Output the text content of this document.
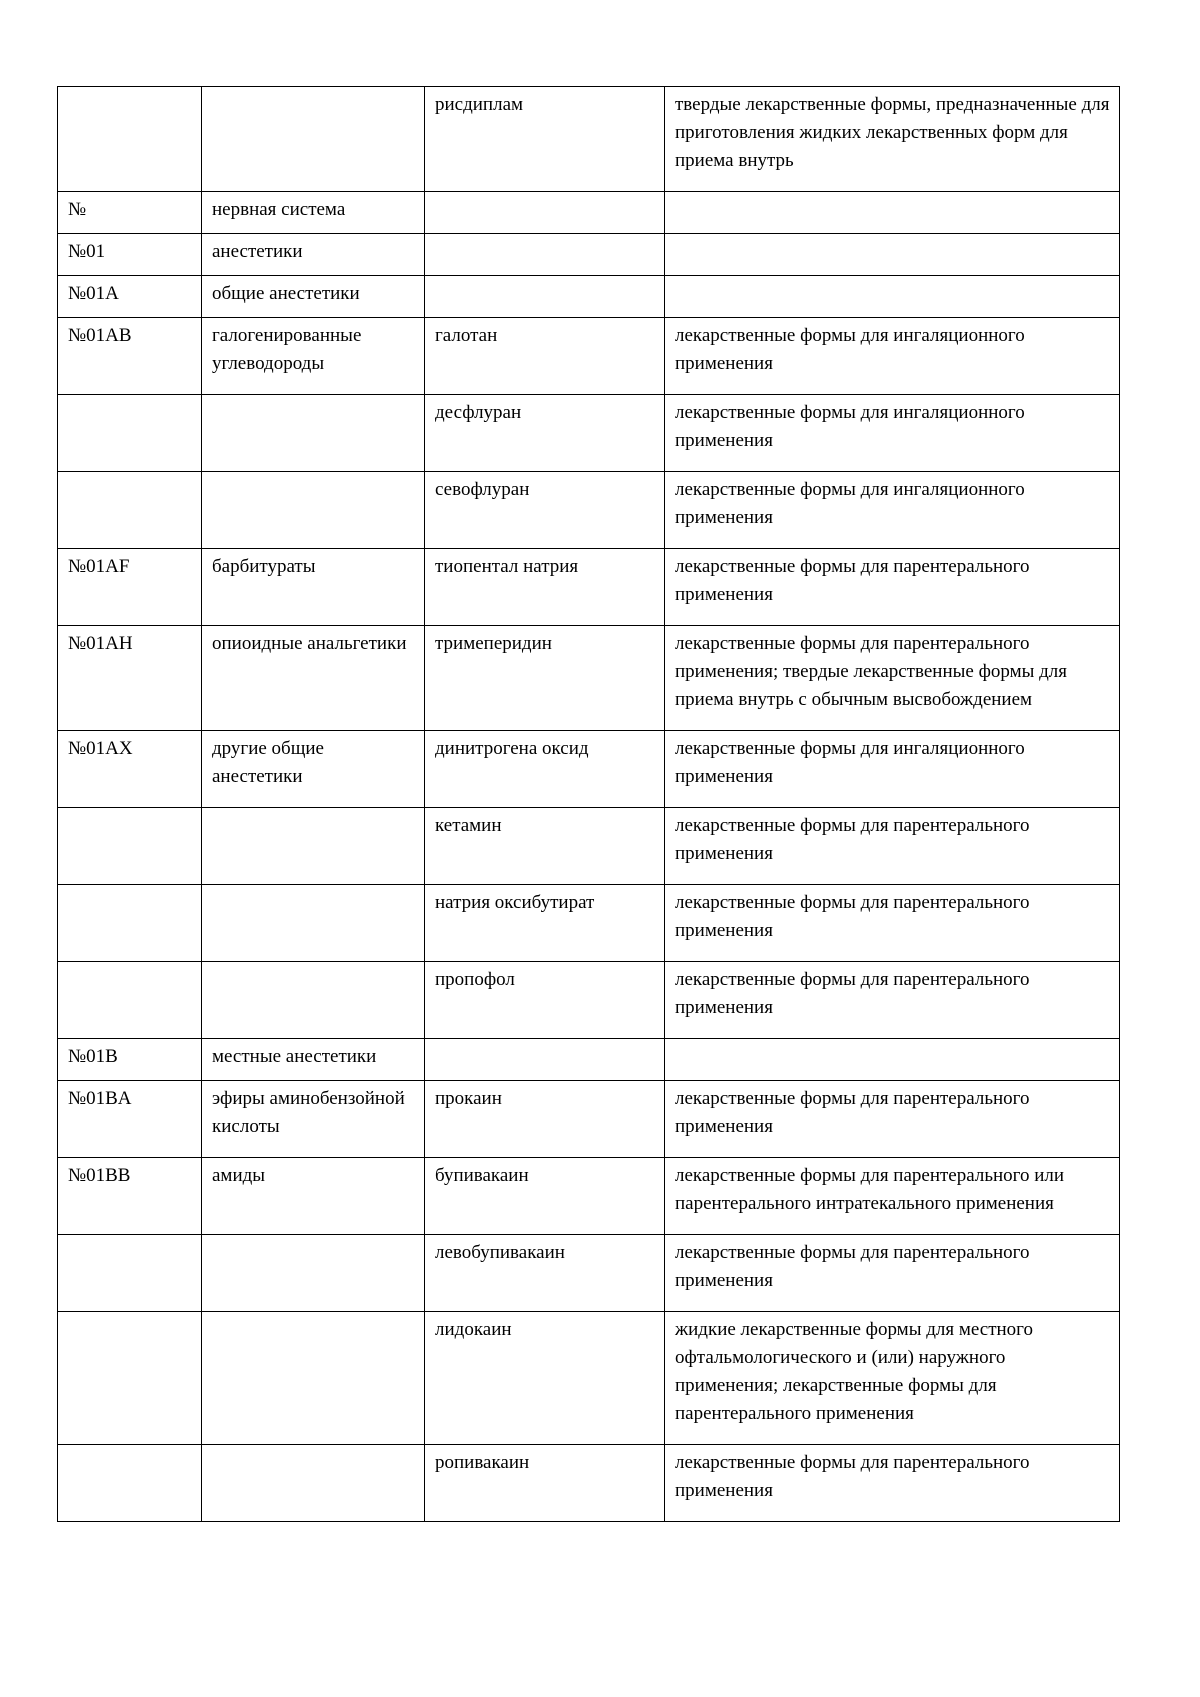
		рисдиплам	твердые лекарственные формы, предназначенные для приготовления жидких лекарственных форм для приема внутрь
№	нервная система		
№01	анестетики		
№01A	общие анестетики		
№01AB	галогенированные углеводороды	галотан	лекарственные формы для ингаляционного применения
		десфлуран	лекарственные формы для ингаляционного применения
		севофлуран	лекарственные формы для ингаляционного применения
№01AF	барбитураты	тиопентал натрия	лекарственные формы для парентерального применения
№01AH	опиоидные анальгетики	тримеперидин	лекарственные формы для парентерального применения; твердые лекарственные формы для приема внутрь с обычным высвобождением
№01AX	другие общие анестетики	динитрогена оксид	лекарственные формы для ингаляционного применения
		кетамин	лекарственные формы для парентерального применения
		натрия оксибутират	лекарственные формы для парентерального применения
		пропофол	лекарственные формы для парентерального применения
№01B	местные анестетики		
№01BA	эфиры аминобензойной кислоты	прокаин	лекарственные формы для парентерального применения
№01BB	амиды	бупивакаин	лекарственные формы для парентерального или парентерального интратекального применения
		левобупивакаин	лекарственные формы для парентерального применения
		лидокаин	жидкие лекарственные формы для местного офтальмологического и (или) наружного применения; лекарственные формы для парентерального применения
		ропивакаин	лекарственные формы для парентерального применения
